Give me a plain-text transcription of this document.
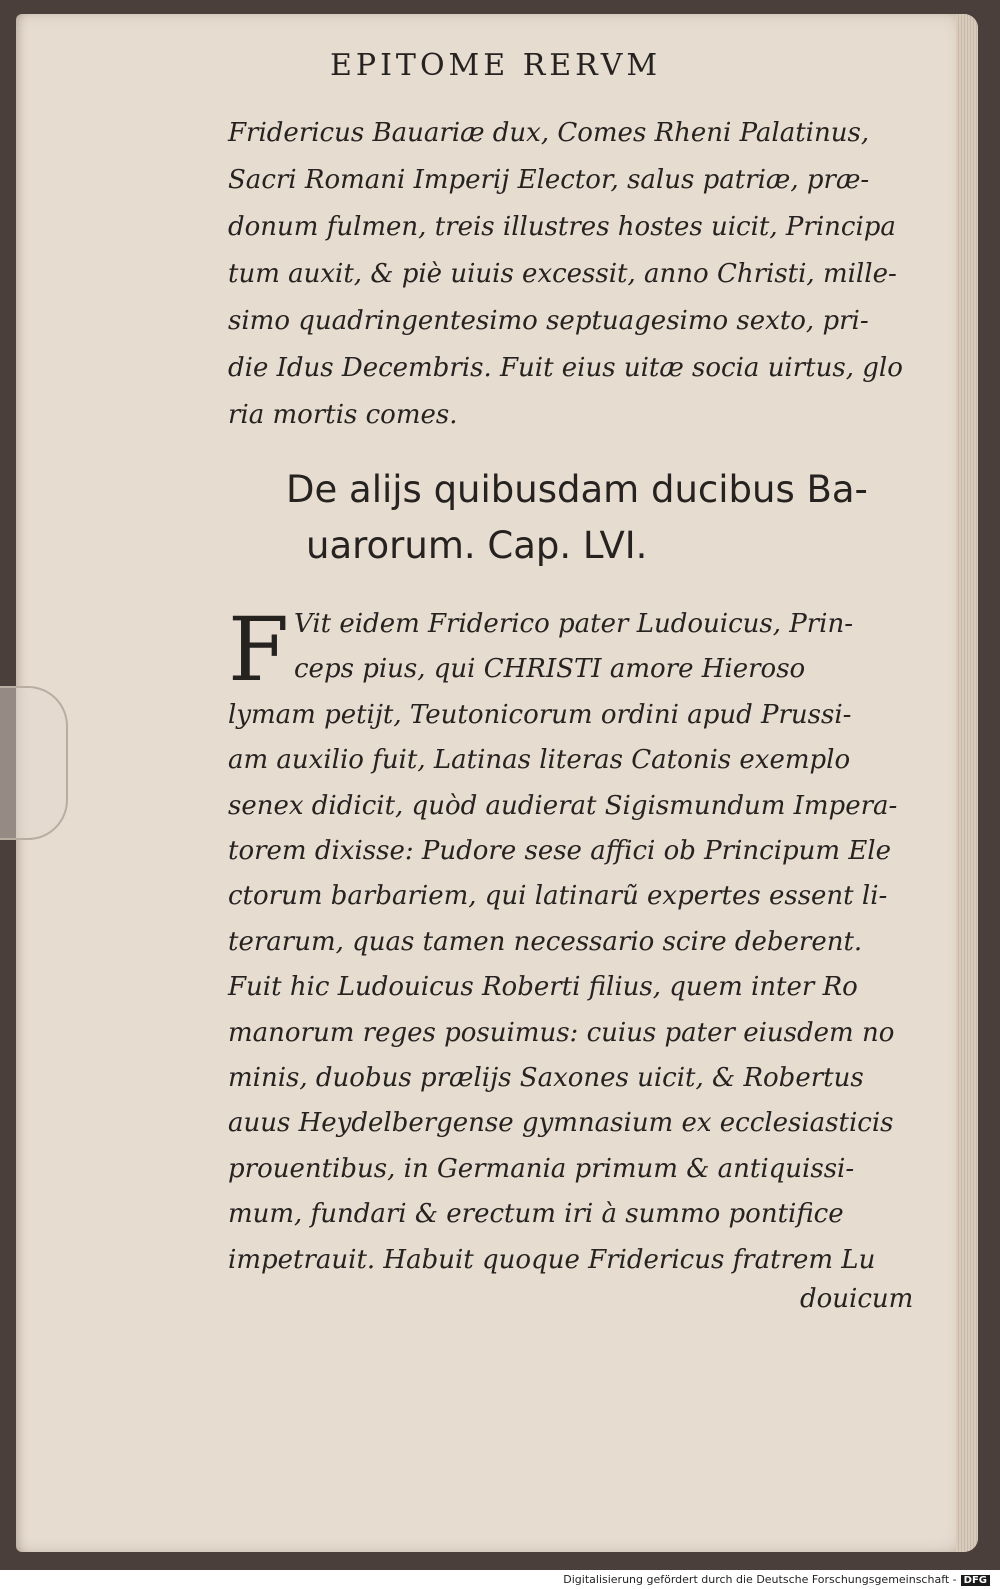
EPITOME RERVM
Fridericus Bauariæ dux, Comes Rheni Palatinus,
Sacri Romani Imperij Elector, salus patriæ, præ-
donum fulmen, treis illustres hostes uicit, Principa
tum auxit, & piè uiuis excessit, anno Christi, mille-
simo quadringentesimo septuagesimo sexto, pri-
die Idus Decembris. Fuit eius uitæ socia uirtus, glo
ria mortis comes.
De alijs quibusdam ducibus Ba-
uarorum. Cap. LVI.
F Vit eidem Friderico pater Ludouicus, Prin-
ceps pius, qui CHRISTI amore Hieroso
lymam petijt, Teutonicorum ordini apud Prussi-
am auxilio fuit, Latinas literas Catonis exemplo
senex didicit, quòd audierat Sigismundum Impera-
torem dixisse: Pudore sese affici ob Principum Ele
ctorum barbariem, qui latinarũ expertes essent li-
terarum, quas tamen necessario scire deberent.
Fuit hic Ludouicus Roberti filius, quem inter Ro
manorum reges posuimus: cuius pater eiusdem no
minis, duobus prælijs Saxones uicit, & Robertus
auus Heydelbergense gymnasium ex ecclesiasticis
prouentibus, in Germania primum & antiquissi-
mum, fundari & erectum iri à summo pontifice
impetrauit. Habuit quoque Fridericus fratrem Lu
douicum
Digitalisierung gefördert durch die Deutsche Forschungsgemeinschaft - DFG
